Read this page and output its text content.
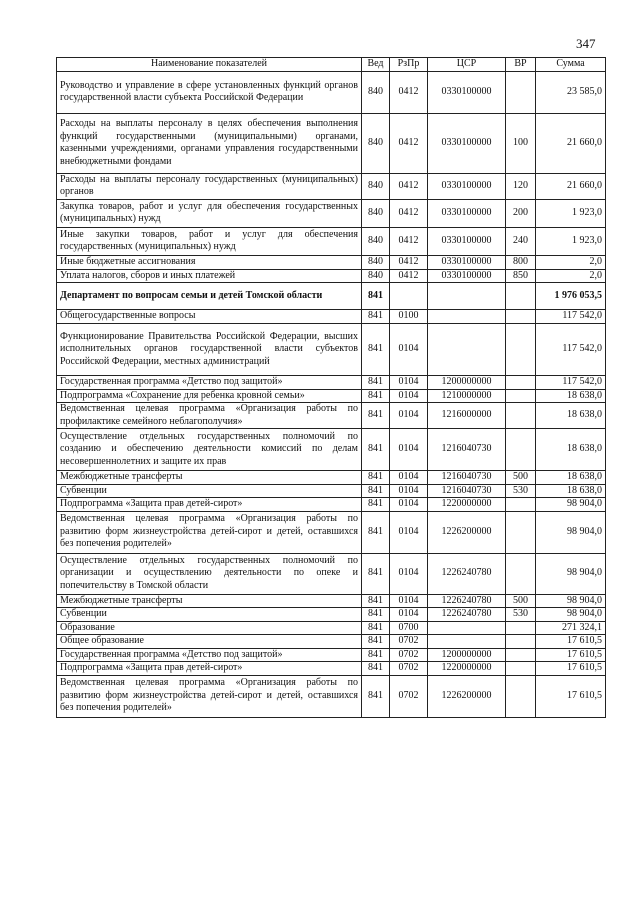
347
Наименование показателей	Вед	РзПр	ЦСР	ВР	Сумма
Руководство и управление в сфере установленных функций органов государственной власти субъекта Российской Федерации	840	0412	0330100000		23 585,0
Расходы на выплаты персоналу в целях обеспечения выполнения функций государственными (муниципальными) органами, казенными учреждениями, органами управления государственными внебюджетными фондами	840	0412	0330100000	100	21 660,0
Расходы на выплаты персоналу государственных (муниципальных) органов	840	0412	0330100000	120	21 660,0
Закупка товаров, работ и услуг для обеспечения государственных (муниципальных) нужд	840	0412	0330100000	200	1 923,0
Иные закупки товаров, работ и услуг для обеспечения государственных (муниципальных) нужд	840	0412	0330100000	240	1 923,0
Иные бюджетные ассигнования	840	0412	0330100000	800	2,0
Уплата налогов, сборов и иных платежей	840	0412	0330100000	850	2,0
Департамент по вопросам семьи и детей Томской области	841				1 976 053,5
Общегосударственные вопросы	841	0100			117 542,0
Функционирование Правительства Российской Федерации, высших исполнительных органов государственной власти субъектов Российской Федерации, местных администраций	841	0104			117 542,0
Государственная программа «Детство под защитой»	841	0104	1200000000		117 542,0
Подпрограмма «Сохранение для ребенка кровной семьи»	841	0104	1210000000		18 638,0
Ведомственная целевая программа «Организация работы по профилактике семейного неблагополучия»	841	0104	1216000000		18 638,0
Осуществление отдельных государственных полномочий по созданию и обеспечению деятельности комиссий по делам несовершеннолетних и защите их прав	841	0104	1216040730		18 638,0
Межбюджетные трансферты	841	0104	1216040730	500	18 638,0
Субвенции	841	0104	1216040730	530	18 638,0
Подпрограмма «Защита прав детей-сирот»	841	0104	1220000000		98 904,0
Ведомственная целевая программа «Организация работы по развитию форм жизнеустройства детей-сирот и детей, оставшихся без попечения родителей»	841	0104	1226200000		98 904,0
Осуществление отдельных государственных полномочий по организации и осуществлению деятельности по опеке и попечительству в Томской области	841	0104	1226240780		98 904,0
Межбюджетные трансферты	841	0104	1226240780	500	98 904,0
Субвенции	841	0104	1226240780	530	98 904,0
Образование	841	0700			271 324,1
Общее образование	841	0702			17 610,5
Государственная программа «Детство под защитой»	841	0702	1200000000		17 610,5
Подпрограмма «Защита прав детей-сирот»	841	0702	1220000000		17 610,5
Ведомственная целевая программа «Организация работы по развитию форм жизнеустройства детей-сирот и детей, оставшихся без попечения родителей»	841	0702	1226200000		17 610,5
